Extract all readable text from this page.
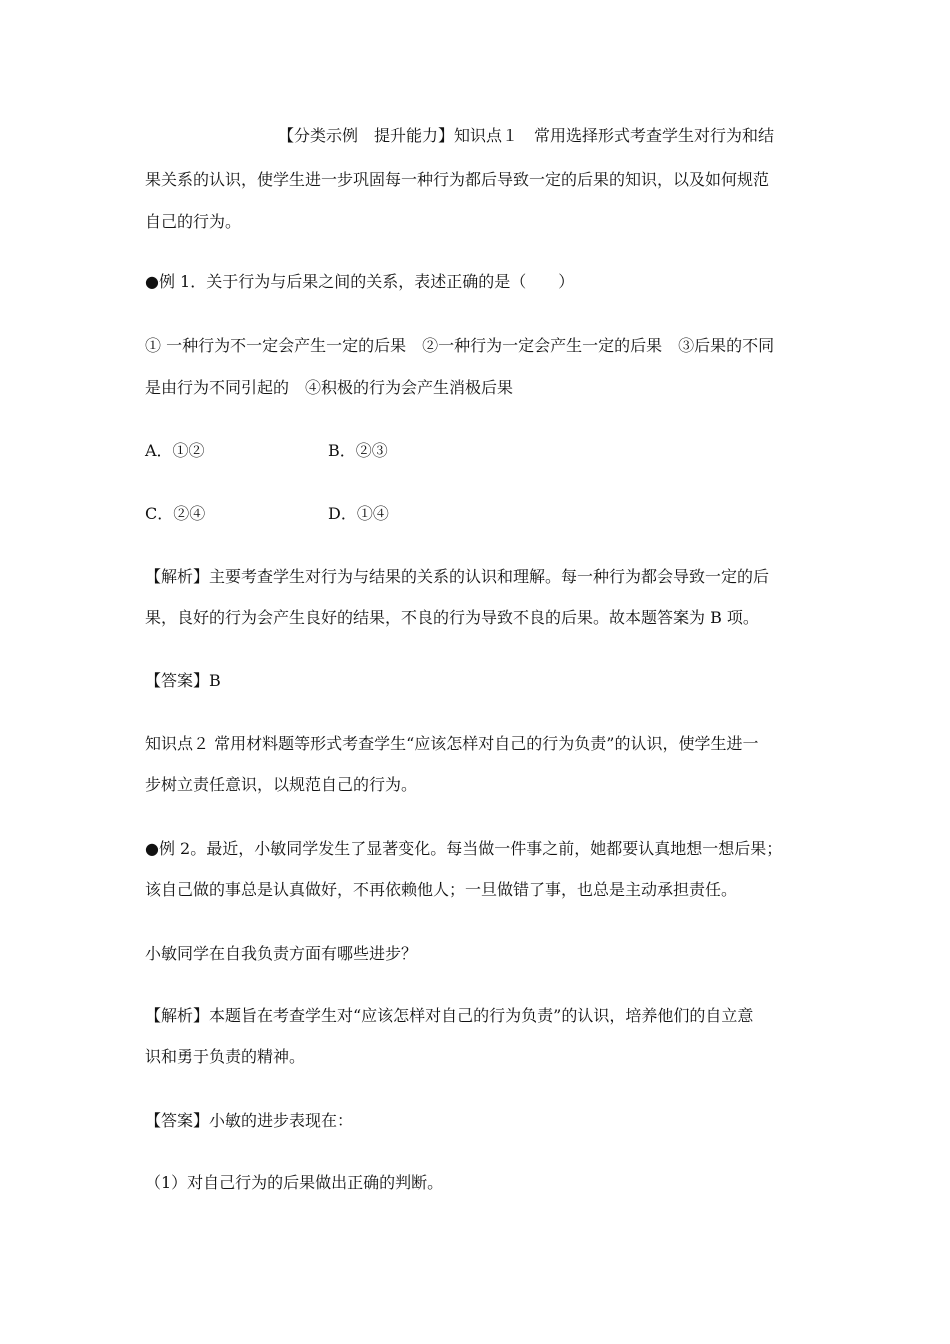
【分类示例　提升能力】知识点１　常用选择形式考查学生对行为和结
果关系的认识，使学生进一步巩固每一种行为都后导致一定的后果的知识，以及如何规范
自己的行为。
●例 1．关于行为与后果之间的关系，表述正确的是（　　）
① 一种行为不一定会产生一定的后果　②一种行为一定会产生一定的后果　③后果的不同
是由行为不同引起的　④积极的行为会产生消极后果
A．①②	B．②③
C．②④	D．①④
【解析】主要考查学生对行为与结果的关系的认识和理解。每一种行为都会导致一定的后
果，良好的行为会产生良好的结果，不良的行为导致不良的后果。故本题答案为 B 项。
【答案】B
知识点２ 常用材料题等形式考查学生“应该怎样对自己的行为负责”的认识，使学生进一
步树立责任意识，以规范自己的行为。
●例 2。最近，小敏同学发生了显著变化。每当做一件事之前，她都要认真地想一想后果；
该自己做的事总是认真做好，不再依赖他人；一旦做错了事，也总是主动承担责任。
小敏同学在自我负责方面有哪些进步？
【解析】本题旨在考查学生对“应该怎样对自己的行为负责”的认识，培养他们的自立意
识和勇于负责的精神。
【答案】小敏的进步表现在：
（1）对自己行为的后果做出正确的判断。
